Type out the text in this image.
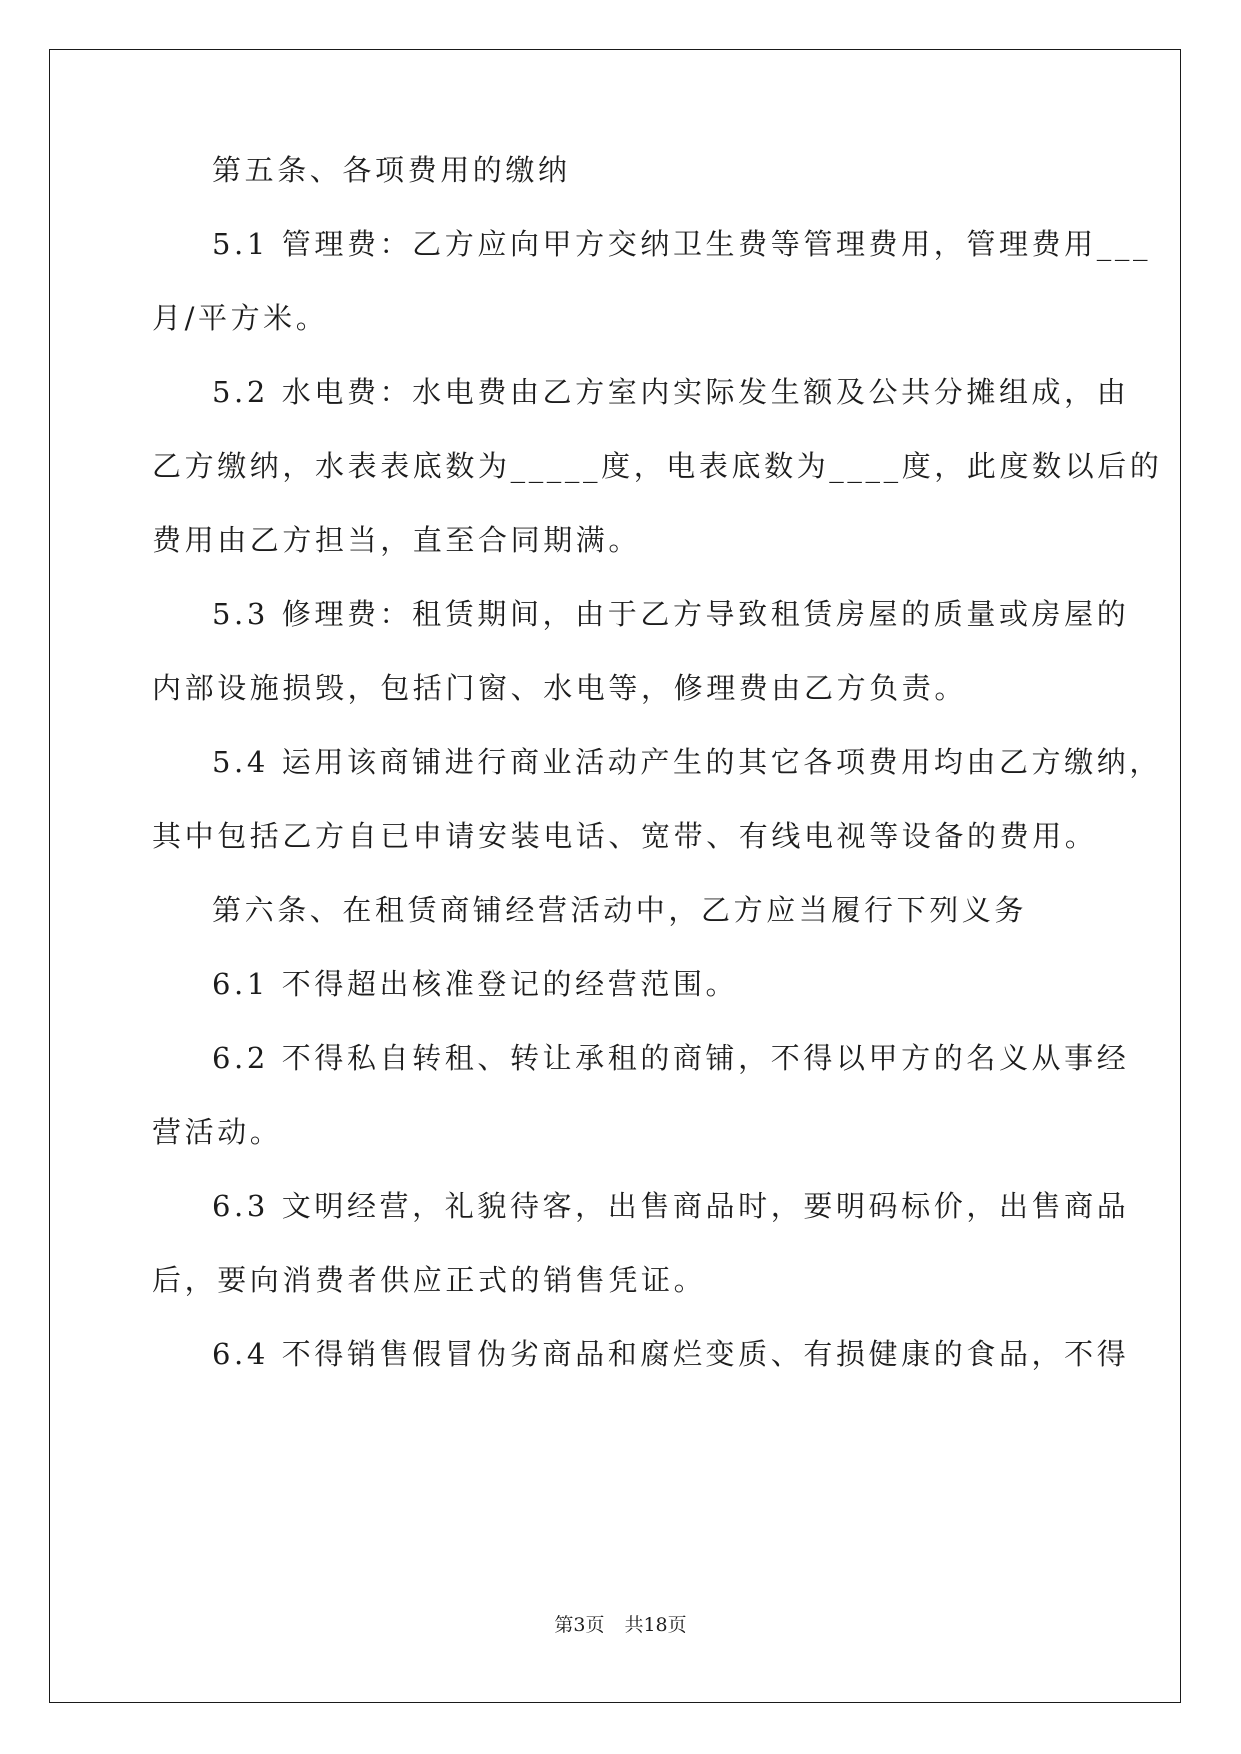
第五条、各项费用的缴纳
5.1 管理费：乙方应向甲方交纳卫生费等管理费用，管理费用___
月/平方米。
5.2 水电费：水电费由乙方室内实际发生额及公共分摊组成，由
乙方缴纳，水表表底数为_____度，电表底数为____度，此度数以后的
费用由乙方担当，直至合同期满。
5.3 修理费：租赁期间，由于乙方导致租赁房屋的质量或房屋的
内部设施损毁，包括门窗、水电等，修理费由乙方负责。
5.4 运用该商铺进行商业活动产生的其它各项费用均由乙方缴纳，
其中包括乙方自已申请安装电话、宽带、有线电视等设备的费用。
第六条、在租赁商铺经营活动中，乙方应当履行下列义务
6.1 不得超出核准登记的经营范围。
6.2 不得私自转租、转让承租的商铺，不得以甲方的名义从事经
营活动。
6.3 文明经营，礼貌待客，出售商品时，要明码标价，出售商品
后，要向消费者供应正式的销售凭证。
6.4 不得销售假冒伪劣商品和腐烂变质、有损健康的食品，不得
第3页 共18页
